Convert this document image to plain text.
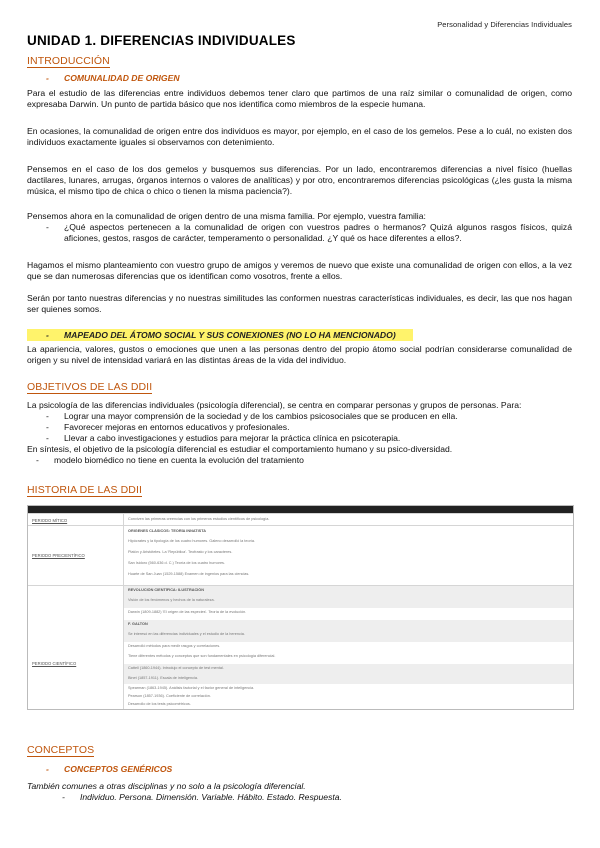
Personalidad y Diferencias Individuales
UNIDAD 1. DIFERENCIAS INDIVIDUALES
INTRODUCCIÓN
- COMUNALIDAD DE ORIGEN
Para el estudio de las diferencias entre individuos debemos tener claro que partimos de una raíz similar o comunalidad de origen, como expresaba Darwin. Un punto de partida básico que nos identifica como miembros de la especie humana.
En ocasiones, la comunalidad de origen entre dos individuos es mayor, por ejemplo, en el caso de los gemelos. Pese a lo cuál, no existen dos individuos exactamente iguales si observamos con detenimiento.
Pensemos en el caso de los dos gemelos y busquemos sus diferencias. Por un lado, encontraremos diferencias a nivel físico (huellas dactilares, lunares, arrugas, órganos internos o valores de analíticas) y por otro, encontraremos diferencias psicológicas (¿les gusta la misma música, el mismo tipo de chica o chico o tienen la misma paciencia?).
Pensemos ahora en la comunalidad de origen dentro de una misma familia. Por ejemplo, vuestra familia:
- ¿Qué aspectos pertenecen a la comunalidad de origen con vuestros padres o hermanos? Quizá algunos rasgos físicos, quizá aficiones, gestos, rasgos de carácter, temperamento o personalidad. ¿Y qué os hace diferentes a ellos?.
Hagamos el mismo planteamiento con vuestro grupo de amigos y veremos de nuevo que existe una comunalidad de origen con ellos, a la vez que se dan numerosas diferencias que os identifican como vosotros, frente a ellos.
Serán por tanto nuestras diferencias y no nuestras similitudes las conformen nuestras características individuales, es decir, las que nos hagan ser quienes somos.
- MAPEADO DEL ÁTOMO SOCIAL Y SUS CONEXIONES (NO LO HA MENCIONADO)
La apariencia, valores, gustos o emociones que unen a las personas dentro del propio átomo social podrían considerarse comunalidad de origen y su nivel de intensidad variará en las distintas áreas de la vida del individuo.
OBJETIVOS DE LAS DDII
La psicología de las diferencias individuales (psicología diferencial), se centra en comparar personas y grupos de personas. Para:
- Lograr una mayor comprensión de la sociedad y de los cambios psicosociales que se producen en ella.
- Favorecer mejoras en entornos educativos y profesionales.
- Llevar a cabo investigaciones y estudios para mejorar la práctica clínica en psicoterapia.
En síntesis, el objetivo de la psicología diferencial es estudiar el comportamiento humano y su psico-diversidad.
- modelo biomédico no tiene en cuenta la evolución del tratamiento
HISTORIA DE LAS DDII
PERIODO MÍTICO	Conviven las primeras creencias con los primeros estudios científicos de psicología.
PERIODO PRECIENTÍFICO
ORIGENES CLÁSICOS: TEORÍA INNATISTA
Hipócrates y la tipología de los cuatro humores. Galeno desarrolló la teoría.
Platón y Aristóteles. La 'República'. Teofrasto y los caracteres.
San Isidoro (560-636 d. C.) Teoría de los cuatro humores.
Huarte de San Juan (1529-1588) Examen de ingenios para las ciencias.
PERIODO CIENTÍFICO
REVOLUCIÓN CIENTÍFICA: ILUSTRACIÓN
Visión de los fenómenos y hechos de la naturaleza.
Darwin (1809-1882) 'El origen de las especies'. Teoría de la evolución.
F. GALTON
Se interesó en las diferencias individuales y el estudio de la herencia.
Desarrolló métodos para medir rasgos y correlaciones.
Tiene diferentes métodos y conceptos que son fundamentales en psicología diferencial.
Cattell (1860-1944). Introdujo el concepto de test mental.
Binet (1857-1911). Escala de inteligencia.
Spearman (1863-1945). Análisis factorial y el factor general de inteligencia.
Pearson (1857-1936). Coeficiente de correlación.
Desarrollo de los tests psicométricos.
CONCEPTOS
- CONCEPTOS GENÉRICOS
También comunes a otras disciplinas y no solo a la psicología diferencial.
- Individuo. Persona. Dimensión. Variable. Hábito. Estado. Respuesta.
